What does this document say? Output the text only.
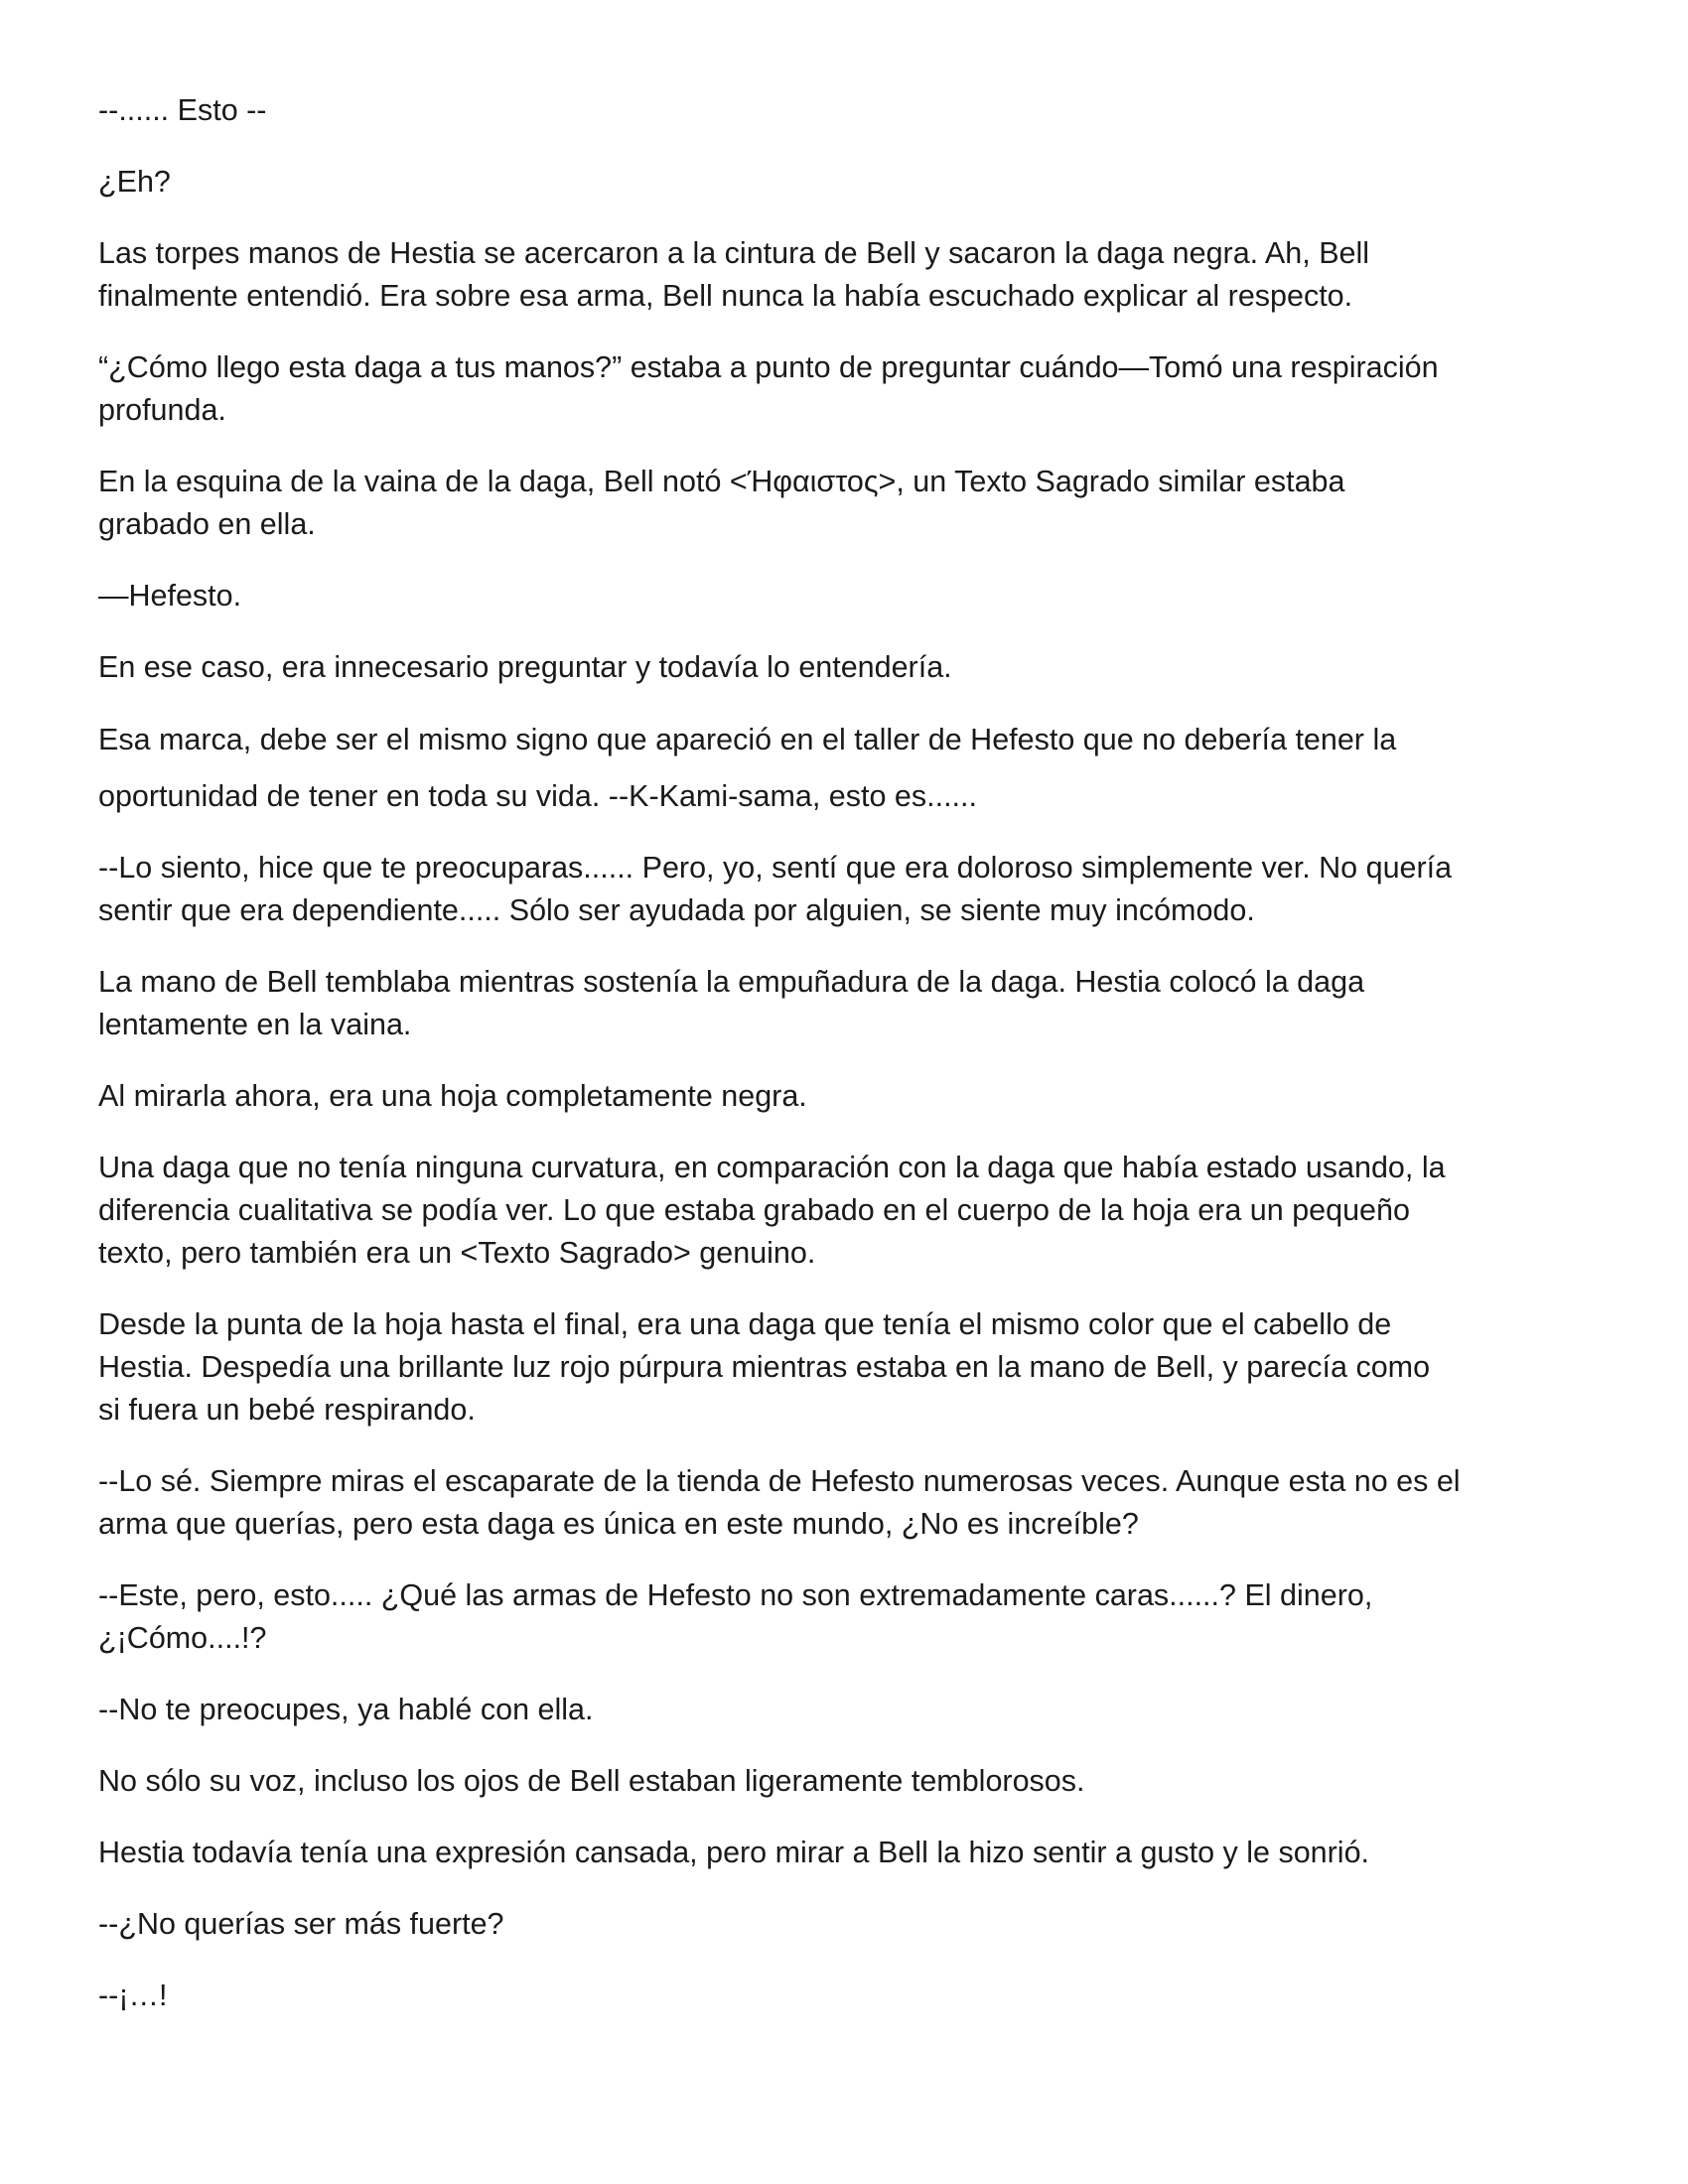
--...... Esto --

¿Eh?

Las torpes manos de Hestia se acercaron a la cintura de Bell y sacaron la daga negra. Ah, Bell
finalmente entendió. Era sobre esa arma, Bell nunca la había escuchado explicar al respecto.

“¿Cómo llego esta daga a tus manos?” estaba a punto de preguntar cuándo—Tomó una respiración
profunda.

En la esquina de la vaina de la daga, Bell notó <Ήφαιστος>, un Texto Sagrado similar estaba
grabado en ella.

—Hefesto.

En ese caso, era innecesario preguntar y todavía lo entendería.

Esa marca, debe ser el mismo signo que apareció en el taller de Hefesto que no debería tener la
oportunidad de tener en toda su vida. --K-Kami-sama, esto es......

--Lo siento, hice que te preocuparas...... Pero, yo, sentí que era doloroso simplemente ver. No quería
sentir que era dependiente..... Sólo ser ayudada por alguien, se siente muy incómodo.

La mano de Bell temblaba mientras sostenía la empuñadura de la daga. Hestia colocó la daga
lentamente en la vaina.

Al mirarla ahora, era una hoja completamente negra.

Una daga que no tenía ninguna curvatura, en comparación con la daga que había estado usando, la
diferencia cualitativa se podía ver. Lo que estaba grabado en el cuerpo de la hoja era un pequeño
texto, pero también era un <Texto Sagrado> genuino.

Desde la punta de la hoja hasta el final, era una daga que tenía el mismo color que el cabello de
Hestia. Despedía una brillante luz rojo púrpura mientras estaba en la mano de Bell, y parecía como
si fuera un bebé respirando.

--Lo sé. Siempre miras el escaparate de la tienda de Hefesto numerosas veces. Aunque esta no es el
arma que querías, pero esta daga es única en este mundo, ¿No es increíble?

--Este, pero, esto..... ¿Qué las armas de Hefesto no son extremadamente caras......? El dinero,
¿¡Cómo....!?

--No te preocupes, ya hablé con ella.

No sólo su voz, incluso los ojos de Bell estaban ligeramente temblorosos.

Hestia todavía tenía una expresión cansada, pero mirar a Bell la hizo sentir a gusto y le sonrió.

--¿No querías ser más fuerte?

--¡…!
